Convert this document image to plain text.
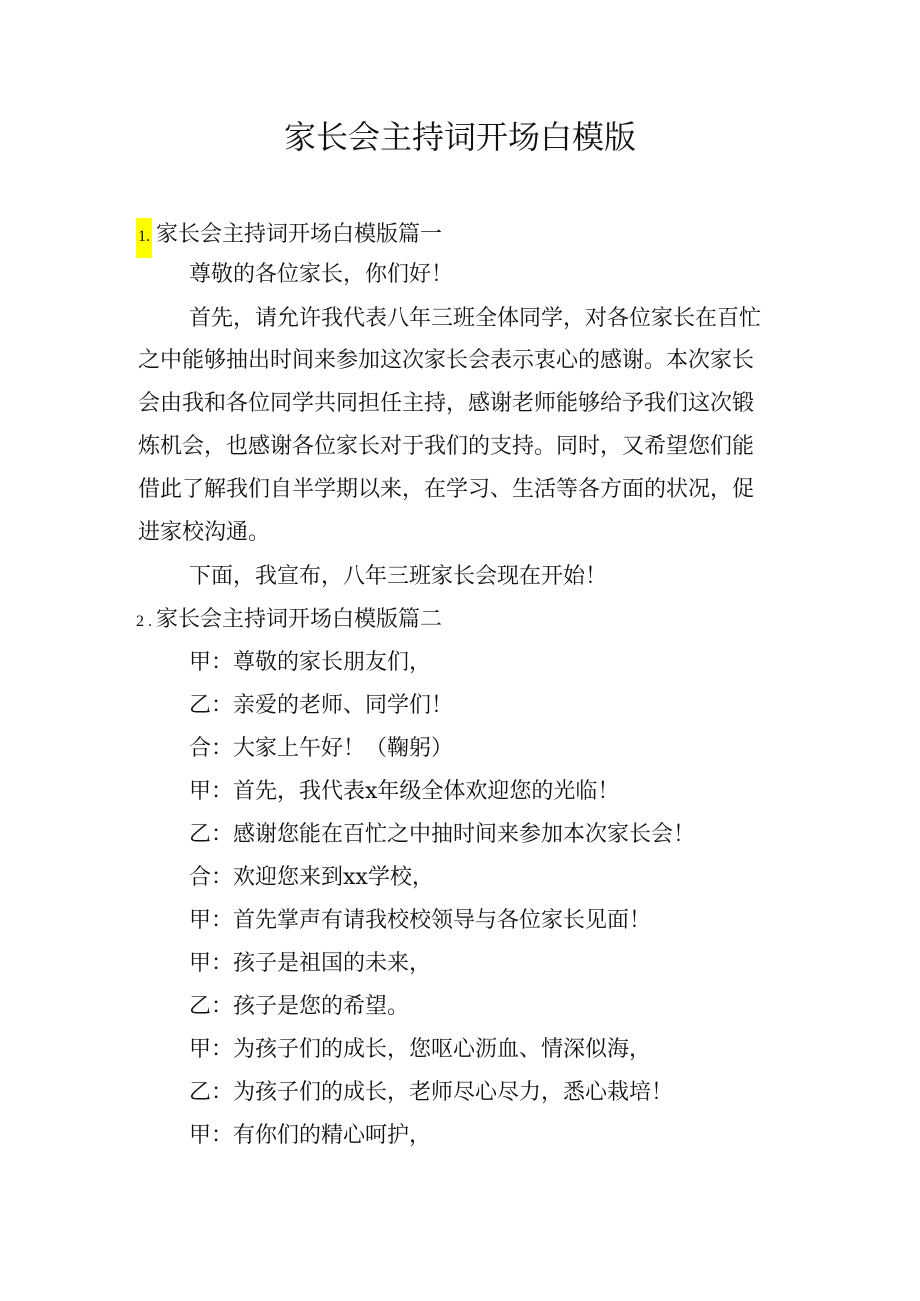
家长会主持词开场白模版
1. 家长会主持词开场白模版篇一
尊敬的各位家长，你们好！
首先，请允许我代表八年三班全体同学，对各位家长在百忙
之中能够抽出时间来参加这次家长会表示衷心的感谢。本次家长
会由我和各位同学共同担任主持，感谢老师能够给予我们这次锻
炼机会，也感谢各位家长对于我们的支持。同时，又希望您们能
借此了解我们自半学期以来，在学习、生活等各方面的状况，促
进家校沟通。
下面，我宣布，八年三班家长会现在开始！
2 . 家长会主持词开场白模版篇二
甲：尊敬的家长朋友们，
乙：亲爱的老师、同学们！
合：大家上午好！（鞠躬）
甲：首先，我代表x年级全体欢迎您的光临！
乙：感谢您能在百忙之中抽时间来参加本次家长会！
合：欢迎您来到xx学校，
甲：首先掌声有请我校校领导与各位家长见面！
甲：孩子是祖国的未来，
乙：孩子是您的希望。
甲：为孩子们的成长，您呕心沥血、情深似海，
乙：为孩子们的成长，老师尽心尽力，悉心栽培！
甲：有你们的精心呵护，
